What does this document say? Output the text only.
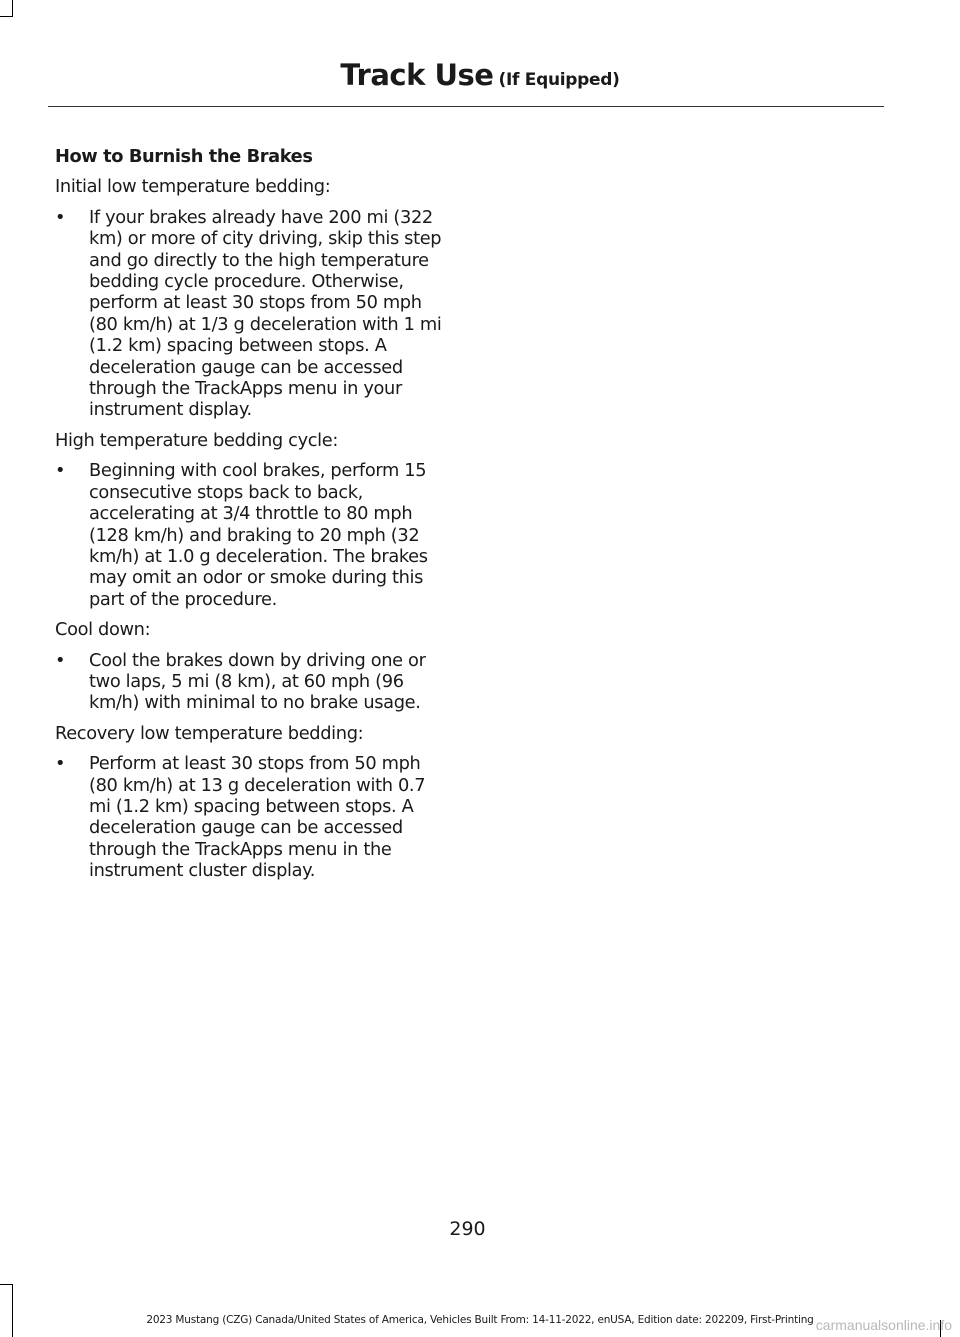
Track Use (If Equipped)
How to Burnish the Brakes
Initial low temperature bedding:
• If your brakes already have 200 mi (322 km) or more of city driving, skip this step and go directly to the high temperature bedding cycle procedure. Otherwise, perform at least 30 stops from 50 mph (80 km/h) at 1/3 g deceleration with 1 mi (1.2 km) spacing between stops. A deceleration gauge can be accessed through the TrackApps menu in your instrument display.
High temperature bedding cycle:
• Beginning with cool brakes, perform 15 consecutive stops back to back, accelerating at 3/4 throttle to 80 mph (128 km/h) and braking to 20 mph (32 km/h) at 1.0 g deceleration. The brakes may omit an odor or smoke during this part of the procedure.
Cool down:
• Cool the brakes down by driving one or two laps, 5 mi (8 km), at 60 mph (96 km/h) with minimal to no brake usage.
Recovery low temperature bedding:
• Perform at least 30 stops from 50 mph (80 km/h) at 13 g deceleration with 0.7 mi (1.2 km) spacing between stops. A deceleration gauge can be accessed through the TrackApps menu in the instrument cluster display.
290
2023 Mustang (CZG) Canada/United States of America, Vehicles Built From: 14-11-2022, enUSA, Edition date: 202209, First-Printing carmanualsonline.info
